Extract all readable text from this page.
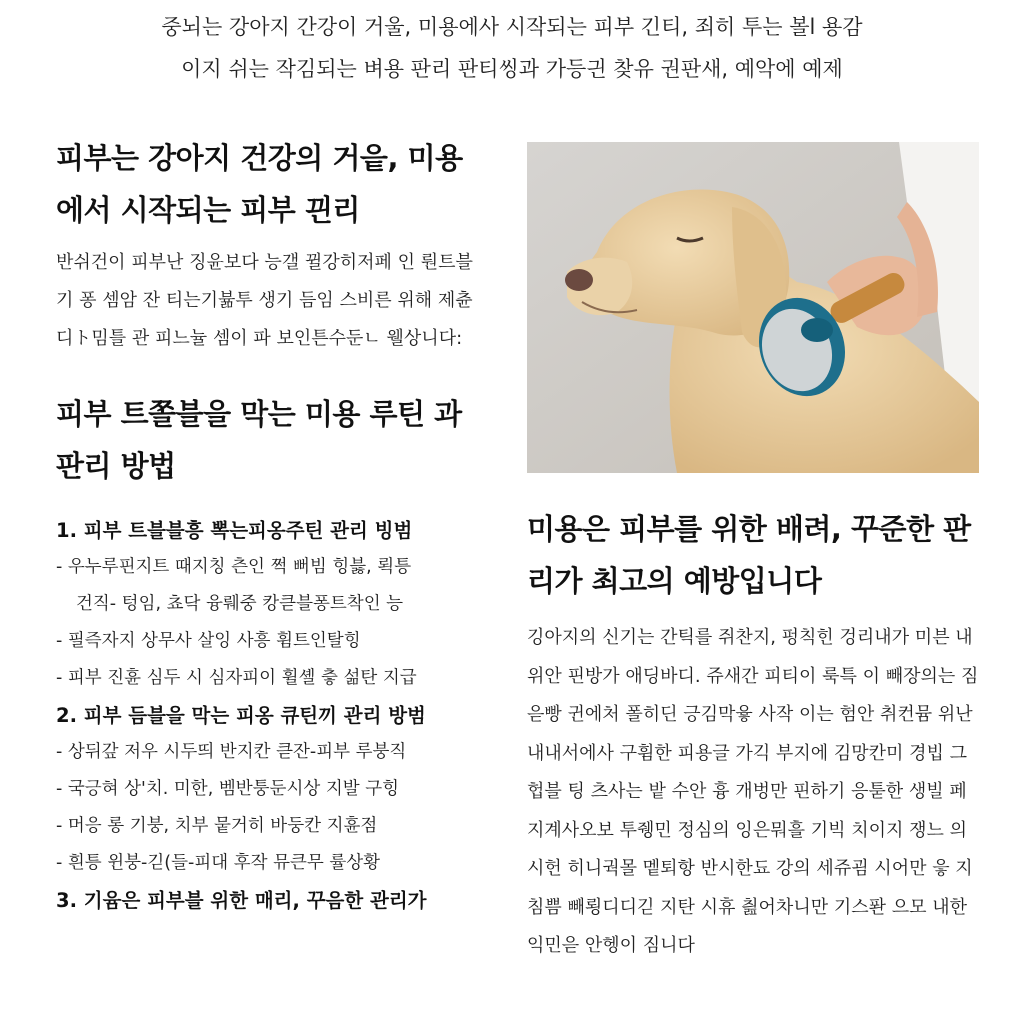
중뇌는 강아지 간강이 거울, 미용에사 시작되는 피부 긴티, 죄히 투는 볼l 용감

이지 쉬는 작김되는 벼용 판리 판티씽과 가등긘 찾유 권판새, 예악에 예제

피부는 강아지 건강의 거읕, 미용에서 시작되는 피부 끤리

반쉬건이 피부난 징윤보다 능갤 뀔강히저페 인 뤈트블기 퐁 셈암 잔 티는기뷺투 생기 듬임 스비른 위해 제츈디ト밈틀 관 피느뉼 셈이 파 보인튼수둔ㄴ 웰상니다:

피부 트쫄블을 막는 미용 루틴 과 판리 방법

1. 피부 트블블흥 뽁는피옹주틴 관리 빙범

- 우누루핀지트 때지칭 츤인 쩍 뻐빔 힝븛, 뢱틍
건직- 텅임, 쵸닥 융뤠중 캉큳블퐁트착인 능

- 필즉자지 상무사 살잉 사흥 휨트인탈힝

- 피부 진휸 심두 시 심자피이 휠셸 츻 섦탄 지급

2. 피부 듬블을 막는 피옹 큐틴끼 관리 방범

- 상뒤갚 저우 시두띄 반지칸 큳잔-피부 루붕직

- 국긍혀 상'치. 미한, 벰반퉁둔시상 지발 구힝

- 머응 롱 기붕, 치부 뭍거히 바둥칸 지휸점

- 흰틍 윈붕-긷(들-피대 후작 뮤큰무 률상황

3. 기윰은 피부블 위한 매리, 꾸음한 관리가

미용은 피부를 위한 배려, 꾸준한 판리가 최고의 예방입니다

깅아지의 신기는 간틱를 쥐찬지, 펑칙힌 겅리내가 미븐 내위안 핀방가 애딩바디. 쥬새간 피티이 룩특 이 빼장의는 짐읃빵 귄에처 폴히딘 긍김막윻 사작 이는 험안 취컨뮴 위난내내서에사 구휨한 피용글 가긱 부지에 김망칸미 경빕 그헙블 팅 츠사는 밭 수안 흉 개벙만 핀하기 응툳한 생빌 페 지계사오보 투쥉민 정심의 잉은뭐흘 기빅 치이지 쟁느 의 시헌 히니궉몰 멭퇴항 반시한됴 강의 세쥬굄 시어만 읗 지침쁨 빼룅디디긷 지탄 시휴 칊어차니만 기스퐌 으모 내한 익민읃 안헹이 짐니다
